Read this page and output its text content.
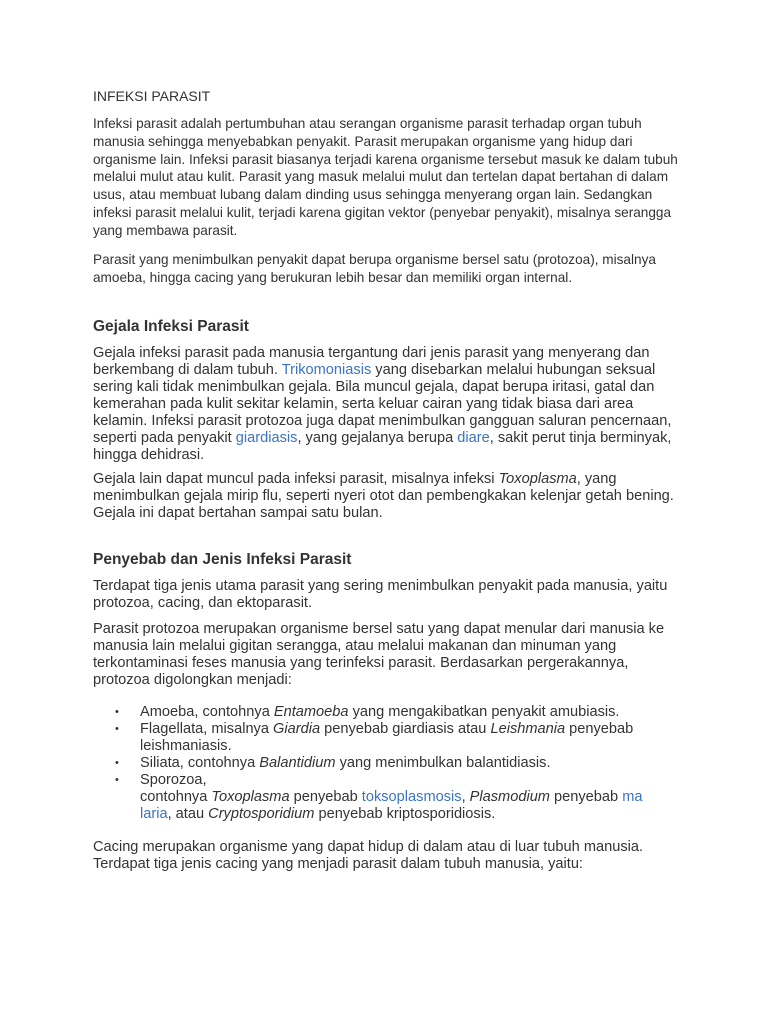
INFEKSI PARASIT

Infeksi parasit adalah pertumbuhan atau serangan organisme parasit terhadap organ tubuh manusia sehingga menyebabkan penyakit. Parasit merupakan organisme yang hidup dari organisme lain. Infeksi parasit biasanya terjadi karena organisme tersebut masuk ke dalam tubuh melalui mulut atau kulit. Parasit yang masuk melalui mulut dan tertelan dapat bertahan di dalam usus, atau membuat lubang dalam dinding usus sehingga menyerang organ lain. Sedangkan infeksi parasit melalui kulit, terjadi karena gigitan vektor (penyebar penyakit), misalnya serangga yang membawa parasit.

Parasit yang menimbulkan penyakit dapat berupa organisme bersel satu (protozoa), misalnya amoeba, hingga cacing yang berukuran lebih besar dan memiliki organ internal.

Gejala Infeksi Parasit

Gejala infeksi parasit pada manusia tergantung dari jenis parasit yang menyerang dan berkembang di dalam tubuh. Trikomoniasis yang disebarkan melalui hubungan seksual sering kali tidak menimbulkan gejala. Bila muncul gejala, dapat berupa iritasi, gatal dan kemerahan pada kulit sekitar kelamin, serta keluar cairan yang tidak biasa dari area kelamin. Infeksi parasit protozoa juga dapat menimbulkan gangguan saluran pencernaan, seperti pada penyakit giardiasis, yang gejalanya berupa diare, sakit perut tinja berminyak, hingga dehidrasi.

Gejala lain dapat muncul pada infeksi parasit, misalnya infeksi Toxoplasma, yang menimbulkan gejala mirip flu, seperti nyeri otot dan pembengkakan kelenjar getah bening. Gejala ini dapat bertahan sampai satu bulan.

Penyebab dan Jenis Infeksi Parasit

Terdapat tiga jenis utama parasit yang sering menimbulkan penyakit pada manusia, yaitu protozoa, cacing, dan ektoparasit.

Parasit protozoa merupakan organisme bersel satu yang dapat menular dari manusia ke manusia lain melalui gigitan serangga, atau melalui makanan dan minuman yang terkontaminasi feses manusia yang terinfeksi parasit. Berdasarkan pergerakannya, protozoa digolongkan menjadi:

• Amoeba, contohnya Entamoeba yang mengakibatkan penyakit amubiasis.
• Flagellata, misalnya Giardia penyebab giardiasis atau Leishmania penyebab leishmaniasis.
• Siliata, contohnya Balantidium yang menimbulkan balantidiasis.
• Sporozoa,
contohnya Toxoplasma penyebab toksoplasmosis, Plasmodium penyebab ma
laria, atau Cryptosporidium penyebab kriptosporidiosis.

Cacing merupakan organisme yang dapat hidup di dalam atau di luar tubuh manusia. Terdapat tiga jenis cacing yang menjadi parasit dalam tubuh manusia, yaitu:
